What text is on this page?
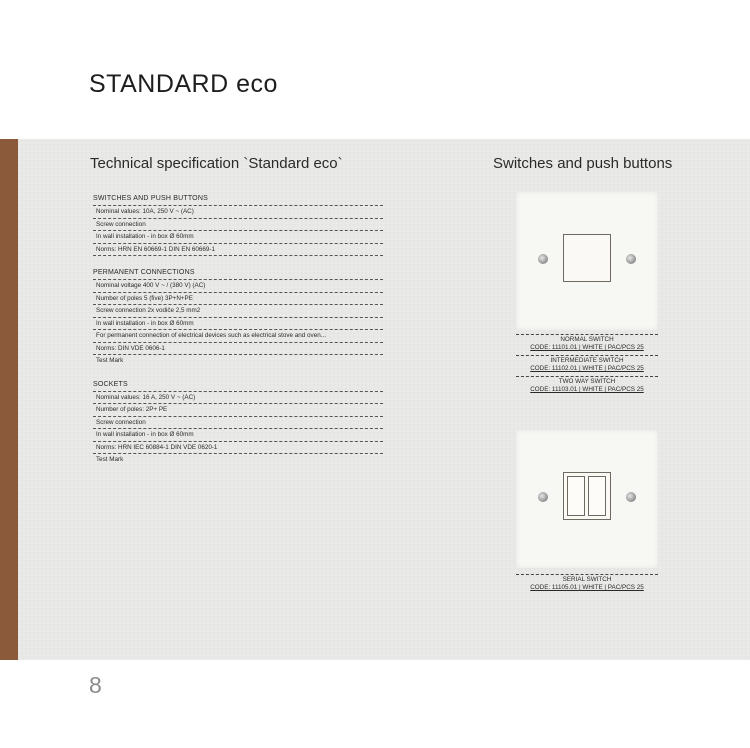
STANDARD eco
Technical specification `Standard eco`	Switches and push buttons
SWITCHES AND PUSH BUTTONS
Nominal values: 10A, 250 V ~ (AC)
Screw connection
In wall installation - in box Ø 60mm
Norms: HRN EN 60669-1 DIN EN 60669-1
PERMANENT CONNECTIONS
Nominal voltage 400 V ~ / (380 V) (AC)
Number of poles 5 (five) 3P+N+PE
Screw connection 2x vodiče 2,5 mm2
In wall installation - in box Ø 60mm
For permanent connection of electrical devices such as electrical stove and oven...
Norms: DIN VDE 0606-1
Test Mark
SOCKETS
Nominal values: 16 A, 250 V ~ (AC)
Number of poles: 2P+ PE
Screw connection
In wall installation - in box Ø 60mm
Norms: HRN IEC 60884-1 DIN VDE 0620-1
Test Mark
NORMAL SWITCH
CODE: 11101.01 | WHITE | PAC/PCS 25
INTERMEDIATE SWITCH
CODE: 11102.01 | WHITE | PAC/PCS 25
TWO WAY SWITCH
CODE: 11103.01 | WHITE | PAC/PCS 25
SERIAL SWITCH
CODE: 11105.01 | WHITE | PAC/PCS 25
8
